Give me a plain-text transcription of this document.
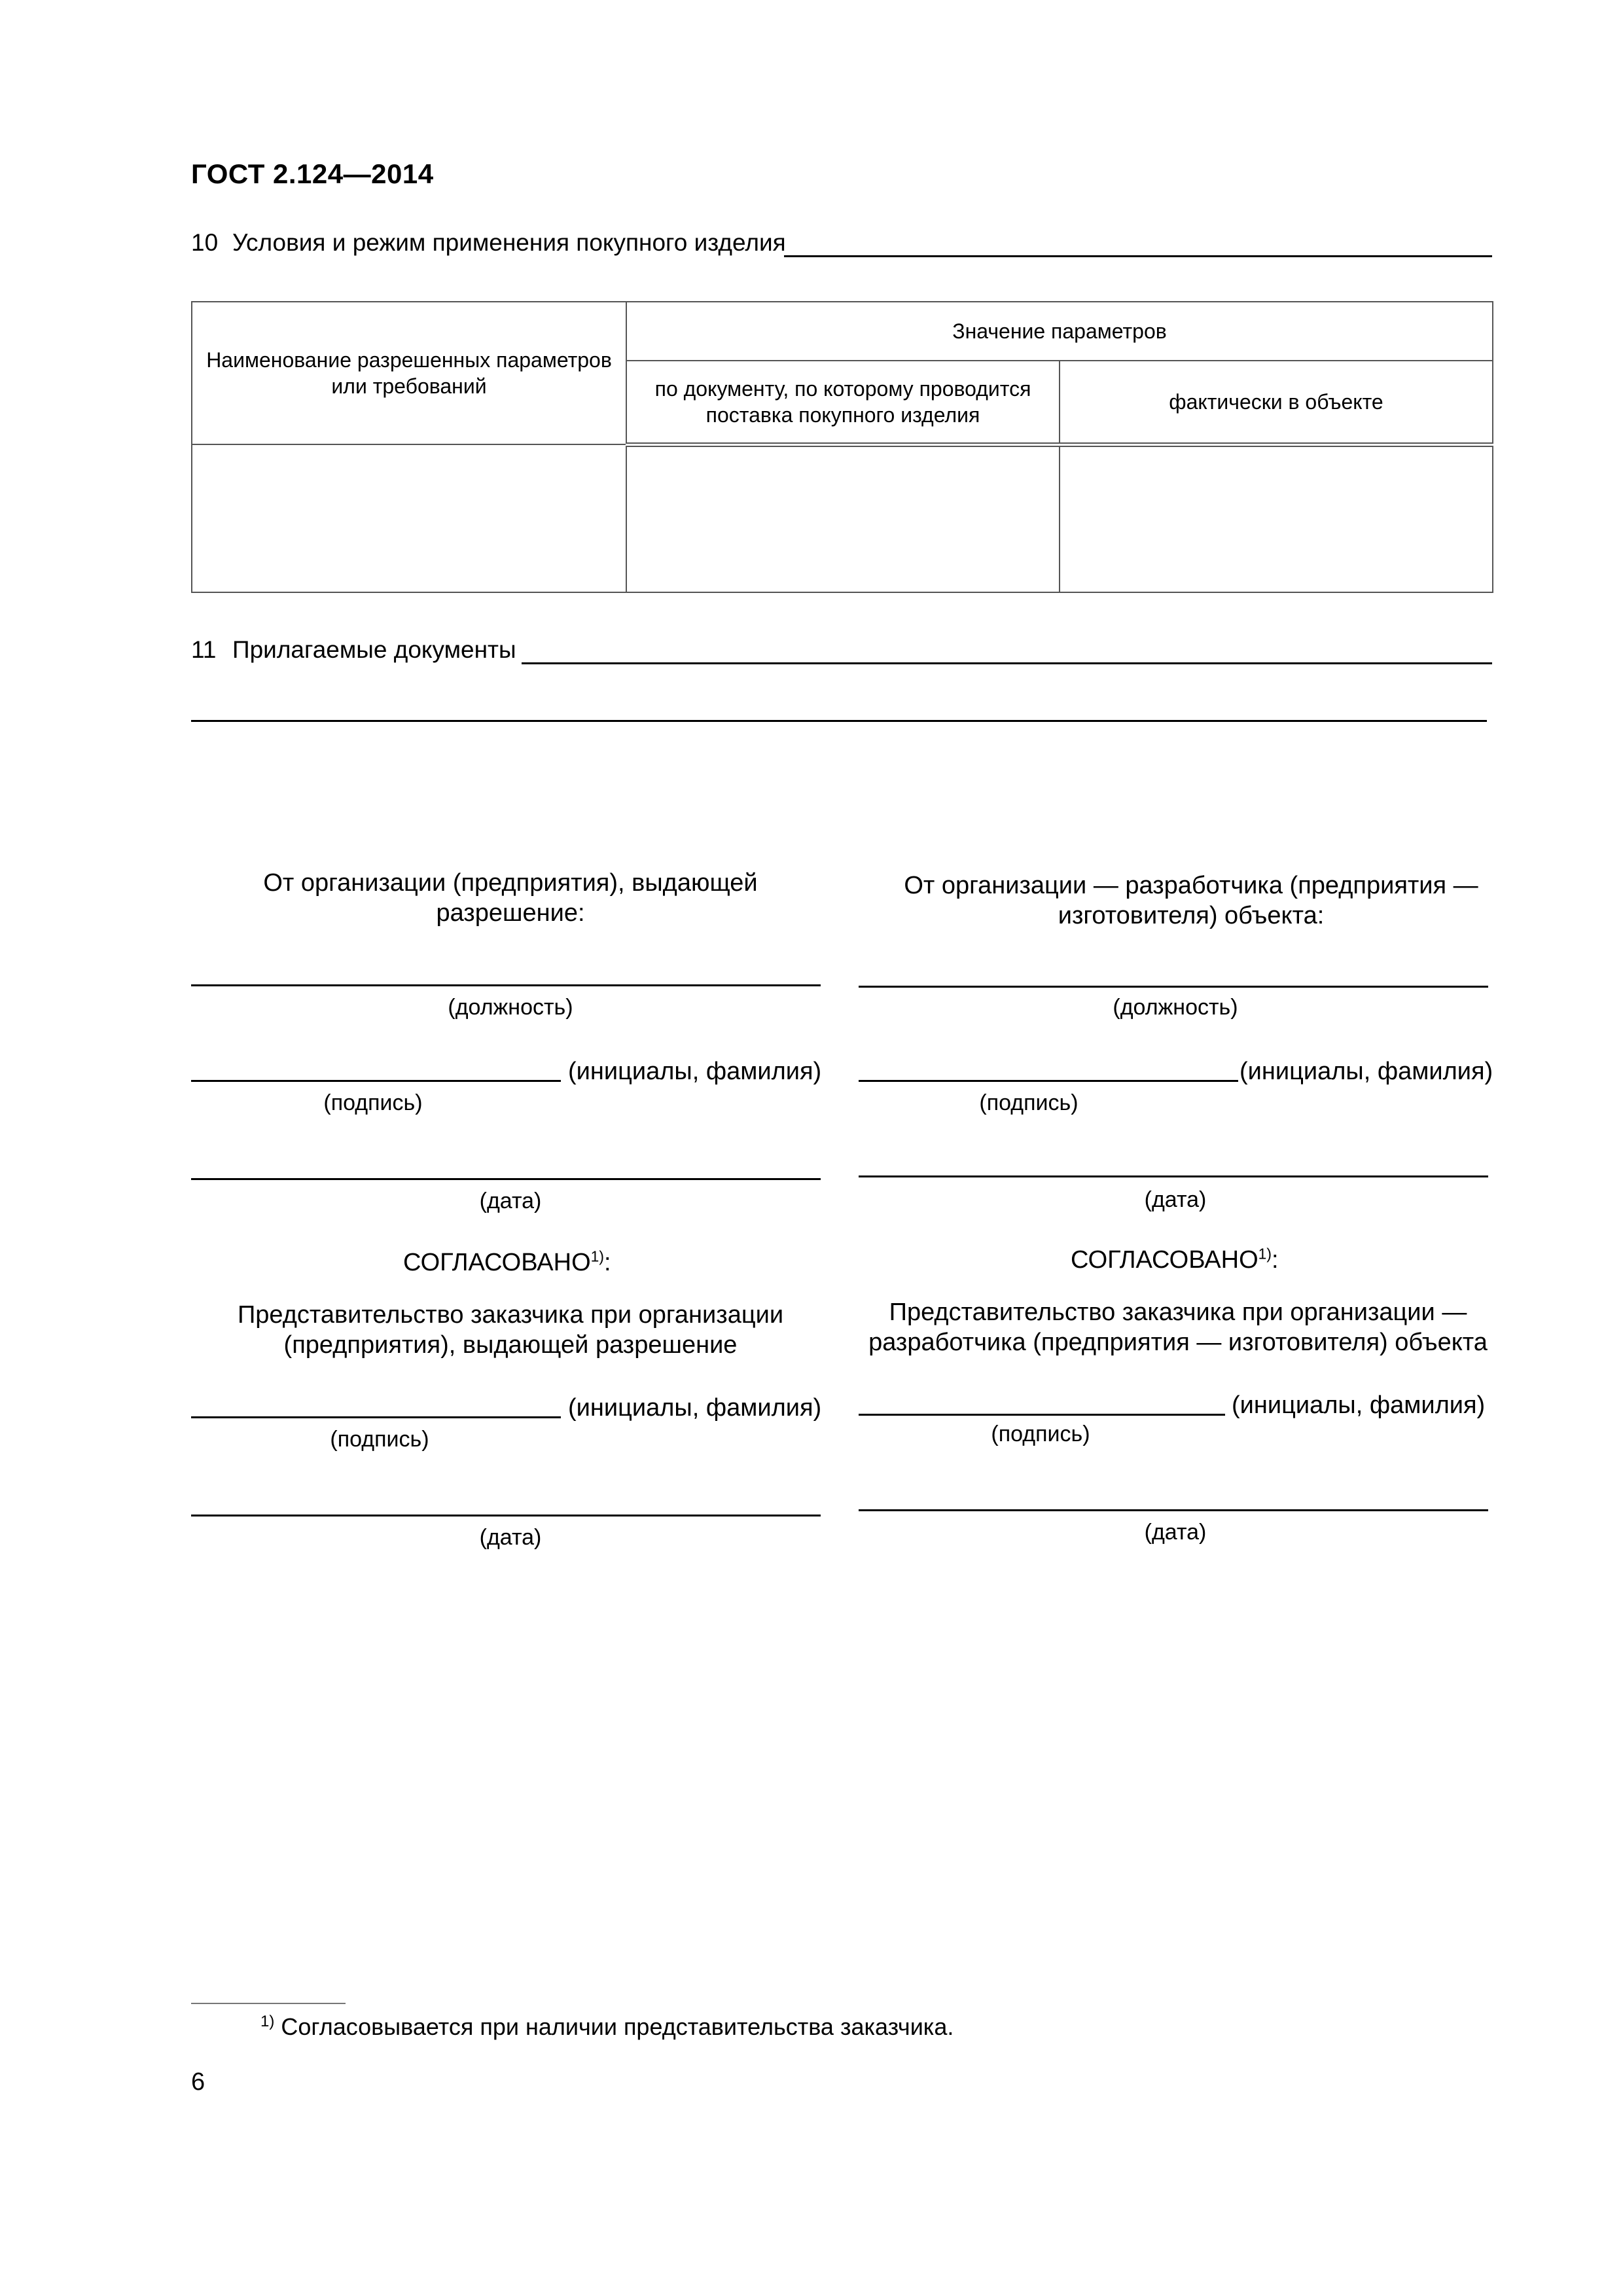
ГОСТ 2.124—2014
10 Условия и режим применения покупного изделия
Наименование разрешенных параметров или требований	Значение параметров	
	по документу, по которому проводится поставка покупного изделия	фактически в объекте

11 Прилагаемые документы
От организации (предприятия), выдающей разрешение:
(должность)
(инициалы, фамилия)
(подпись)
(дата)
СОГЛАСОВАНО$^{1)}$:
Представительство заказчика при организации (предприятия), выдающей разрешение
(инициалы, фамилия)
(подпись)
(дата)
От организации — разработчика (предприятия — изготовителя) объекта:
(должность)
(инициалы, фамилия)
(подпись)
(дата)
СОГЛАСОВАНО$^{1)}$:
Представительство заказчика при организации — разработчика (предприятия — изготовителя) объекта
(инициалы, фамилия)
(подпись)
(дата)
$^{1)}$ Согласовывается при наличии представительства заказчика.
6
